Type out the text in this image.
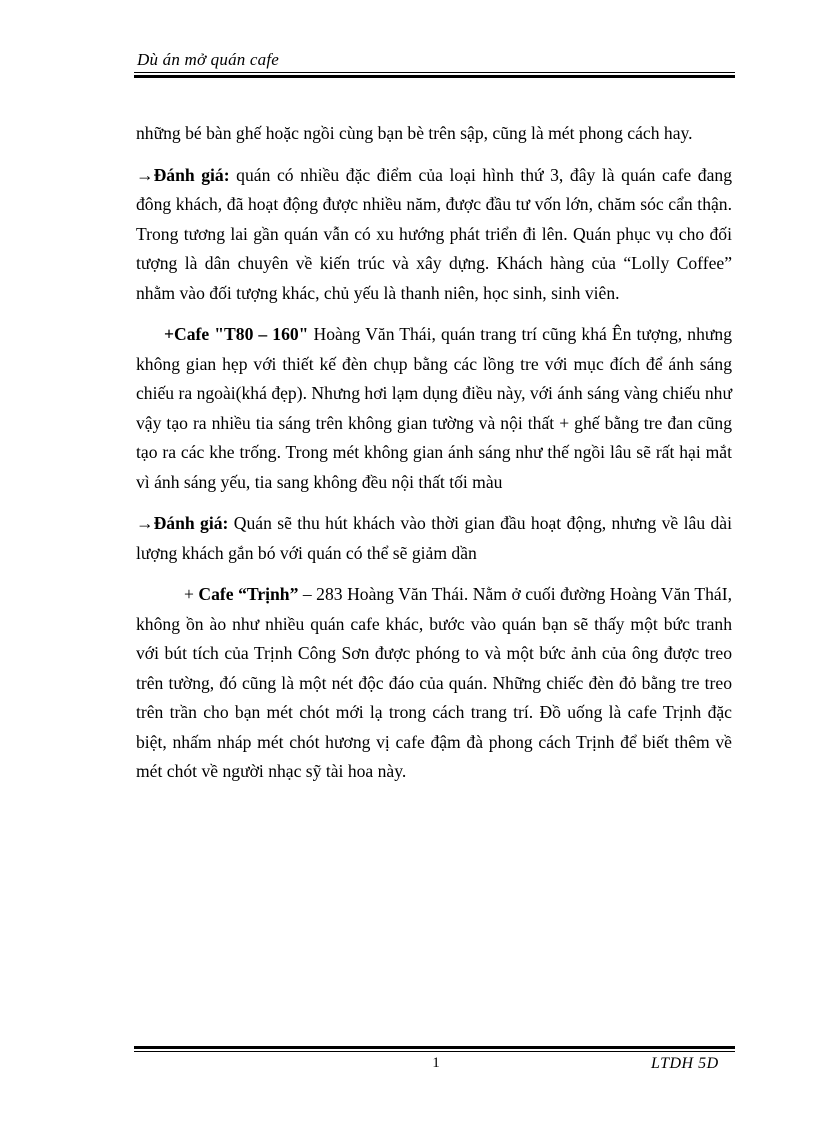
Dù án mở quán cafe

những bé bàn ghế hoặc ngồi cùng bạn bè trên sập, cũng là mét phong cách hay.

→Đánh giá: quán có nhiều đặc điểm của loại hình thứ 3, đây là quán cafe đang đông khách, đã hoạt động được nhiều năm, được đầu tư vốn lớn, chăm sóc cẩn thận. Trong tương lai gần quán vẫn có xu hướng phát triển đi lên. Quán phục vụ cho đối tượng là dân chuyên về kiến trúc và xây dựng. Khách hàng của “Lolly Coffee” nhằm vào đối tượng khác, chủ yếu là thanh niên, học sinh, sinh viên.

+Cafe "T80 – 160" Hoàng Văn Thái, quán trang trí cũng khá Ên tượng, nhưng không gian hẹp với thiết kế đèn chụp bằng các lồng tre với mục đích để ánh sáng chiếu ra ngoài(khá đẹp). Nhưng hơi lạm dụng điều này, với ánh sáng vàng chiếu như vậy tạo ra nhiều tia sáng trên không gian tường và nội thất + ghế bằng tre đan cũng tạo ra các khe trống. Trong mét không gian ánh sáng như thế ngồi lâu sẽ rất hại mắt vì ánh sáng yếu, tia sang không đều nội thất tối màu

→Đánh giá: Quán sẽ thu hút khách vào thời gian đầu hoạt động, nhưng về lâu dài lượng khách gắn bó với quán có thể sẽ giảm dần

+ Cafe “Trịnh” – 283 Hoàng Văn Thái. Nằm ở cuối đường Hoàng Văn TháI, không ồn ào như nhiều quán cafe khác, bước vào quán bạn sẽ thấy một bức tranh với bút tích của Trịnh Công Sơn được phóng to và một bức ảnh của ông được treo trên tường, đó cũng là một nét độc đáo của quán. Những chiếc đèn đỏ bằng tre treo trên trần cho bạn mét chót mới lạ trong cách trang trí. Đồ uống là cafe Trịnh đặc biệt, nhấm nháp mét chót hương vị cafe đậm đà phong cách Trịnh để biết thêm về mét chót về người nhạc sỹ tài hoa này.

1	LTDH 5D
